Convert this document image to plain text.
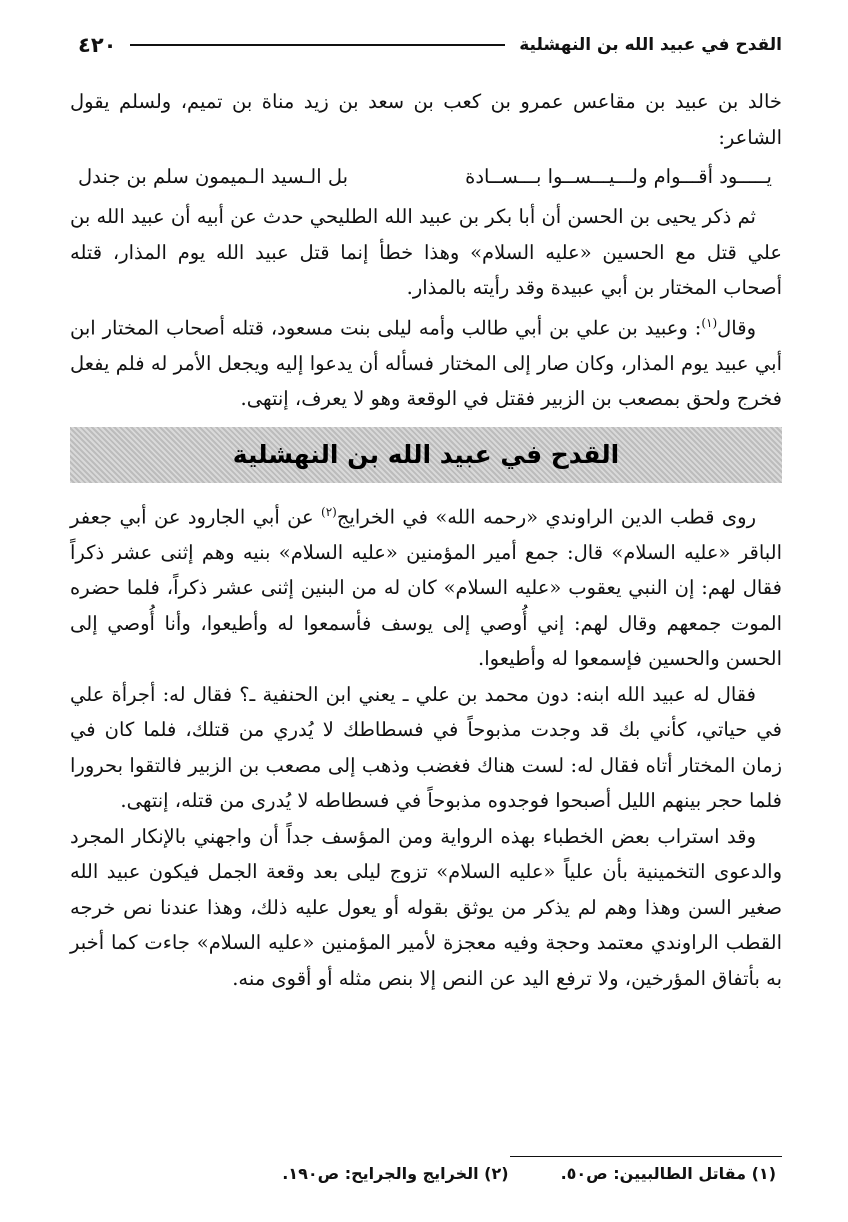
القدح في عبيد الله بن النهشلية
٤٢٠

خالد بن عبيد بن مقاعس عمرو بن كعب بن سعد بن زيد مناة بن تميم، ولسلم يقول الشاعر:

يـــــود أقـــوام ولـــيـــســوا بـــســادة
بل الـسيد الـميمون سلم بن جندل

ثم ذكر يحيى بن الحسن أن أبا بكر بن عبيد الله الطليحي حدث عن أبيه أن عبيد الله بن علي قتل مع الحسين «عليه السلام» وهذا خطأ إنما قتل عبيد الله يوم المذار، قتله أصحاب المختار بن أبي عبيدة وقد رأيته بالمذار.

وقال$^{(١)}$: وعبيد بن علي بن أبي طالب وأمه ليلى بنت مسعود، قتله أصحاب المختار ابن أبي عبيد يوم المذار، وكان صار إلى المختار فسأله أن يدعوا إليه ويجعل الأمر له فلم يفعل فخرج ولحق بمصعب بن الزبير فقتل في الوقعة وهو لا يعرف، إنتهى.

القدح في عبيد الله بن النهشلية

روى قطب الدين الراوندي «رحمه الله» في الخرايج$^{(٢)}$ عن أبي الجارود عن أبي جعفر الباقر «عليه السلام» قال: جمع أمير المؤمنين «عليه السلام» بنيه وهم إثنى عشر ذكراً فقال لهم: إن النبي يعقوب «عليه السلام» كان له من البنين إثنى عشر ذكراً، فلما حضره الموت جمعهم وقال لهم: إني أُوصي إلى يوسف فأسمعوا له وأطيعوا، وأنا أُوصي إلى الحسن والحسين فإسمعوا له وأطيعوا.

فقال له عبيد الله ابنه: دون محمد بن علي ـ يعني ابن الحنفية ـ؟ فقال له: أجرأة علي في حياتي، كأني بك قد وجدت مذبوحاً في فسطاطك لا يُدري من قتلك، فلما كان في زمان المختار أتاه فقال له: لست هناك فغضب وذهب إلى مصعب بن الزبير فالتقوا بحرورا فلما حجر بينهم الليل أصبحوا فوجدوه مذبوحاً في فسطاطه لا يُدرى من قتله، إنتهى.

وقد استراب بعض الخطباء بهذه الرواية ومن المؤسف جداً أن واجهني بالإنكار المجرد والدعوى التخمينية بأن علياً «عليه السلام» تزوج ليلى بعد وقعة الجمل فيكون عبيد الله صغير السن وهذا وهم لم يذكر من يوثق بقوله أو يعول عليه ذلك، وهذا عندنا نص خرجه القطب الراوندي معتمد وحجة وفيه معجزة لأمير المؤمنين «عليه السلام» جاءت كما أخبر به بأتفاق المؤرخين، ولا ترفع اليد عن النص إلا بنص مثله أو أقوى منه.

(١) مقاتل الطالبيين: ص٥٠.
(٢) الخرايج والجرايح: ص١٩٠.
